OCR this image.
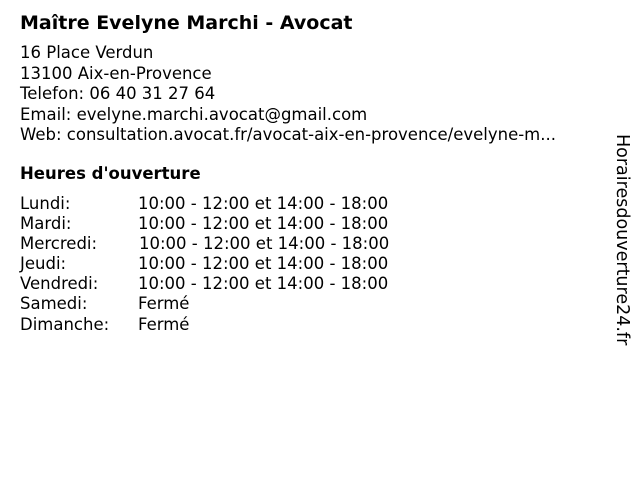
Maître Evelyne Marchi - Avocat
16 Place Verdun
13100 Aix-en-Provence
Telefon: 06 40 31 27 64
Email: evelyne.marchi.avocat@gmail.com
Web: consultation.avocat.fr/avocat-aix-en-provence/evelyne-m...
Heures d'ouverture
Lundi:	10:00 - 12:00 et 14:00 - 18:00
Mardi:	10:00 - 12:00 et 14:00 - 18:00
Mercredi:	10:00 - 12:00 et 14:00 - 18:00
Jeudi:	10:00 - 12:00 et 14:00 - 18:00
Vendredi: 10:00 - 12:00 et 14:00 - 18:00
Samedi:	Fermé
Dimanche: Fermé	Horairesdouverture24.fr
